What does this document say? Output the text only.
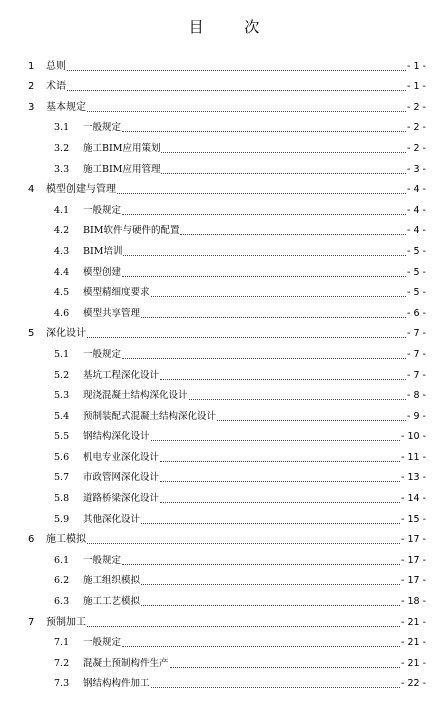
目 次
1	总则	- 1 -
2	术语	- 1 -
3	基本规定	- 2 -
3.1	一般规定	- 2 -
3.2	施工BIM应用策划	- 2 -
3.3	施工BIM应用管理	- 3 -
4	模型创建与管理	- 4 -
4.1	一般规定	- 4 -
4.2	BIM软件与硬件的配置	- 4 -
4.3	BIM培训	- 5 -
4.4	模型创建	- 5 -
4.5	模型精细度要求	- 5 -
4.6	模型共享管理	- 6 -
5	深化设计	- 7 -
5.1	一般规定	- 7 -
5.2	基坑工程深化设计	- 7 -
5.3	现浇混凝土结构深化设计	- 8 -
5.4	预制装配式混凝土结构深化设计	- 9 -
5.5	钢结构深化设计	- 10 -
5.6	机电专业深化设计	- 11 -
5.7	市政管网深化设计	- 13 -
5.8	道路桥梁深化设计	- 14 -
5.9	其他深化设计	- 15 -
6	施工模拟	- 17 -
6.1	一般规定	- 17 -
6.2	施工组织模拟	- 17 -
6.3	施工工艺模拟	- 18 -
7	预制加工	- 21 -
7.1	一般规定	- 21 -
7.2	混凝土预制构件生产	- 21 -
7.3	钢结构构件加工	- 22 -
